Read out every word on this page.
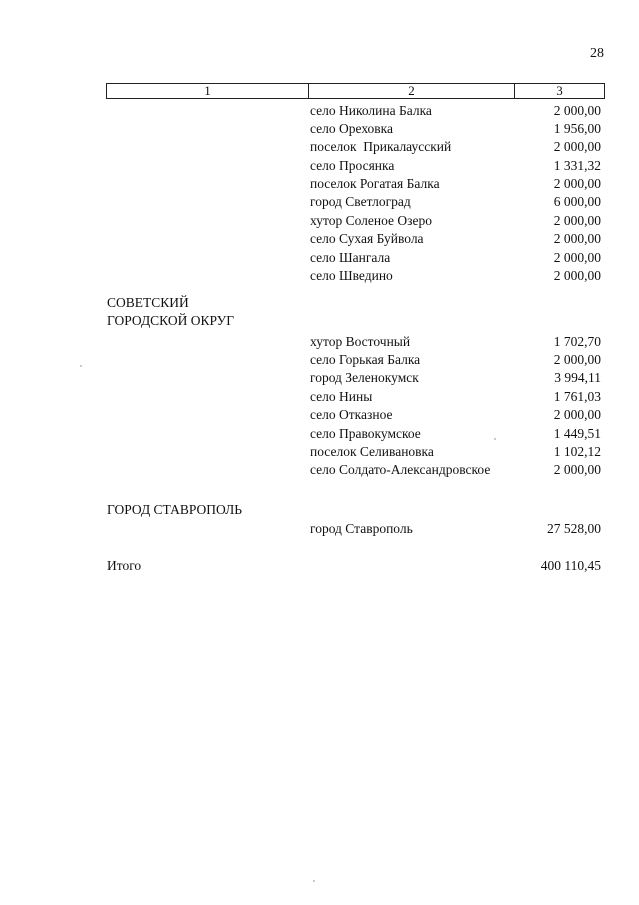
28
1	2	3
село Николина Балка	2 000,00
село Ореховка	1 956,00
поселок  Прикалаусский	2 000,00
село Просянка	1 331,32
поселок Рогатая Балка	2 000,00
город Светлоград	6 000,00
хутор Соленое Озеро	2 000,00
село Сухая Буйвола	2 000,00
село Шангала	2 000,00
село Шведино	2 000,00
СОВЕТСКИЙ
ГОРОДСКОЙ ОКРУГ
хутор Восточный	1 702,70
село Горькая Балка	2 000,00
город Зеленокумск	3 994,11
село Нины	1 761,03
село Отказное	2 000,00
село Правокумское	1 449,51
поселок Селивановка	1 102,12
село Солдато-Александровское	2 000,00
ГОРОД СТАВРОПОЛЬ
город Ставрополь	27 528,00
Итого	400 110,45
